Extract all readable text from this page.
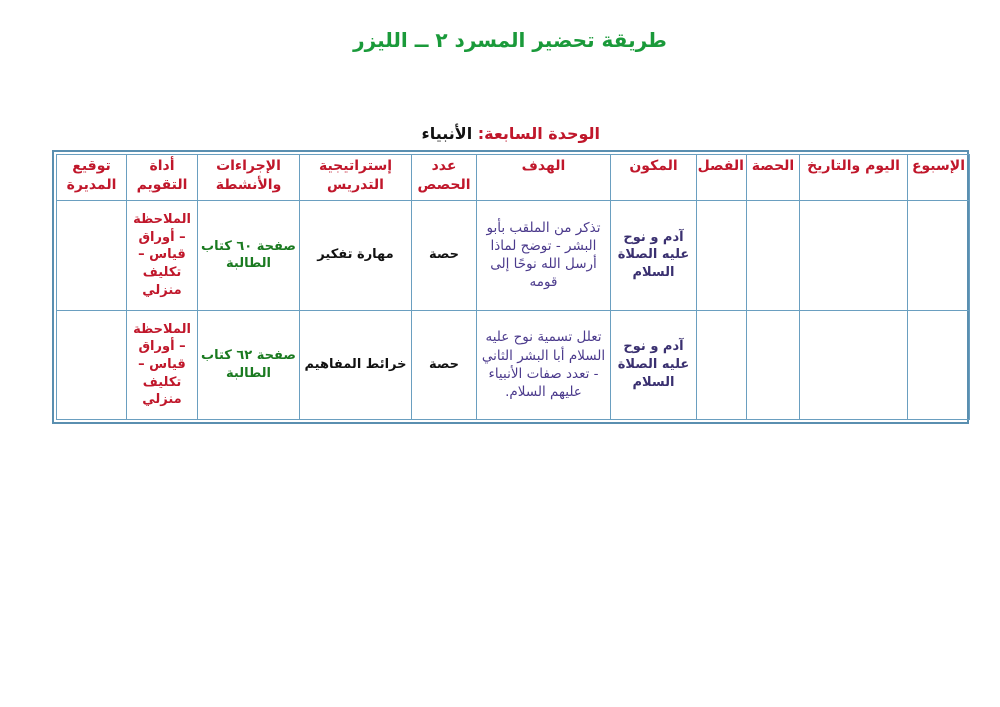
طريقة تحضير المسرد ٢ ــ الليزر
الوحدة السابعة: الأنبياء
الإسبوع	اليوم والتاريخ	الحصة	الفصل	المكون	الهدف	عدد الحصص	إستراتيجية التدريس	الإجراءات والأنشطة	أداة التقويم	توقيع المديرة
				آدم و نوح عليه الصلاة السلام	تذكر من الملقب بأبو البشر - توضح لماذا أرسل الله نوحًا إلى قومه	حصة	مهارة تفكير	صفحة ٦٠ كتاب الطالبة	الملاحظة – أوراق قياس – تكليف منزلي	
				آدم و نوح عليه الصلاة السلام	تعلل تسمية نوح عليه السلام أبا البشر الثاني - تعدد صفات الأنبياء عليهم السلام.	حصة	خرائط المفاهيم	صفحة ٦٢ كتاب الطالبة	الملاحظة – أوراق قياس – تكليف منزلي	
